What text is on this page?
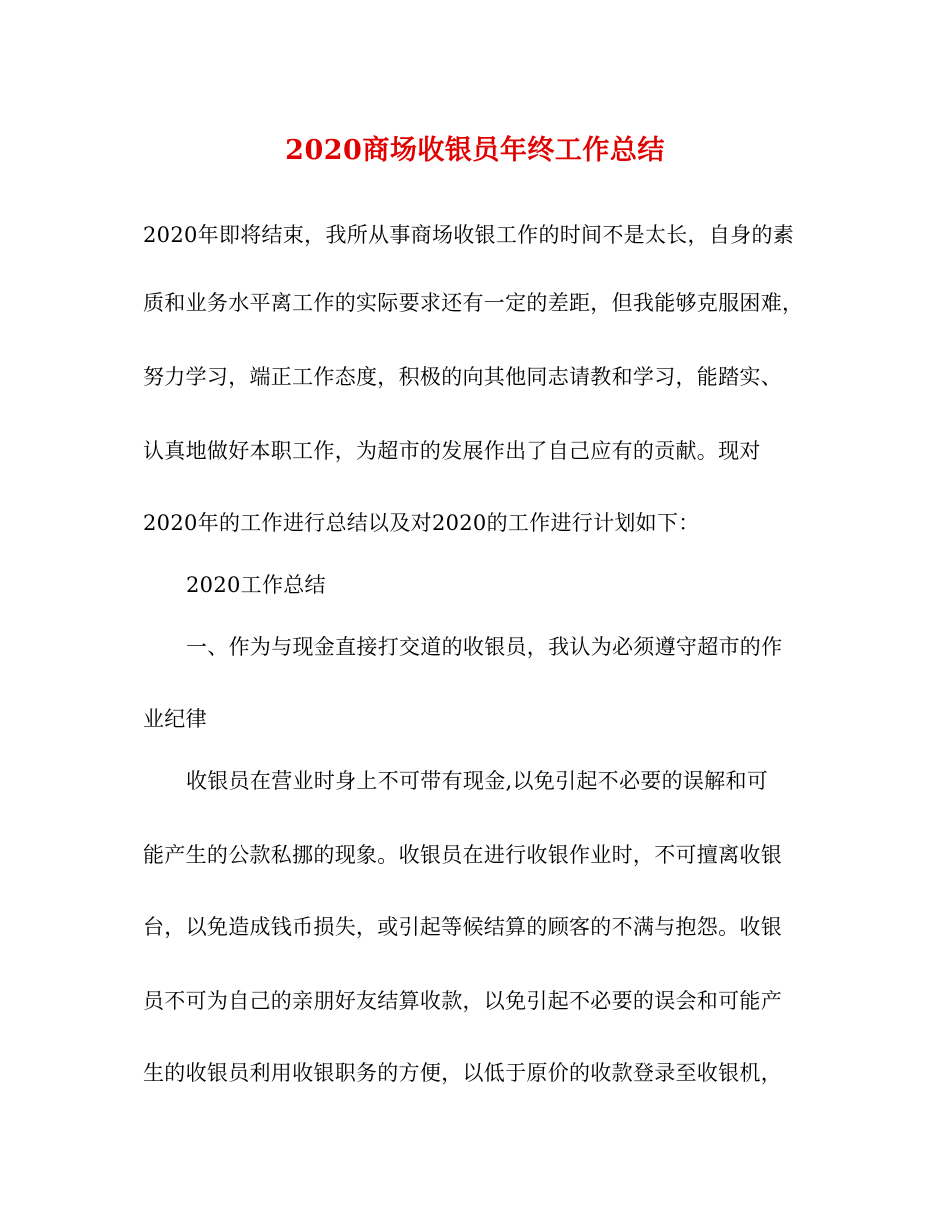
2020商场收银员年终工作总结
2020年即将结束，我所从事商场收银工作的时间不是太长，自身的素
质和业务水平离工作的实际要求还有一定的差距，但我能够克服困难，
努力学习，端正工作态度，积极的向其他同志请教和学习，能踏实、
认真地做好本职工作，为超市的发展作出了自己应有的贡献。现对
2020年的工作进行总结以及对2020的工作进行计划如下：
2020工作总结
一、作为与现金直接打交道的收银员，我认为必须遵守超市的作
业纪律
收银员在营业时身上不可带有现金,以免引起不必要的误解和可
能产生的公款私挪的现象。收银员在进行收银作业时，不可擅离收银
台，以免造成钱币损失，或引起等候结算的顾客的不满与抱怨。收银
员不可为自己的亲朋好友结算收款，以免引起不必要的误会和可能产
生的收银员利用收银职务的方便，以低于原价的收款登录至收银机，
